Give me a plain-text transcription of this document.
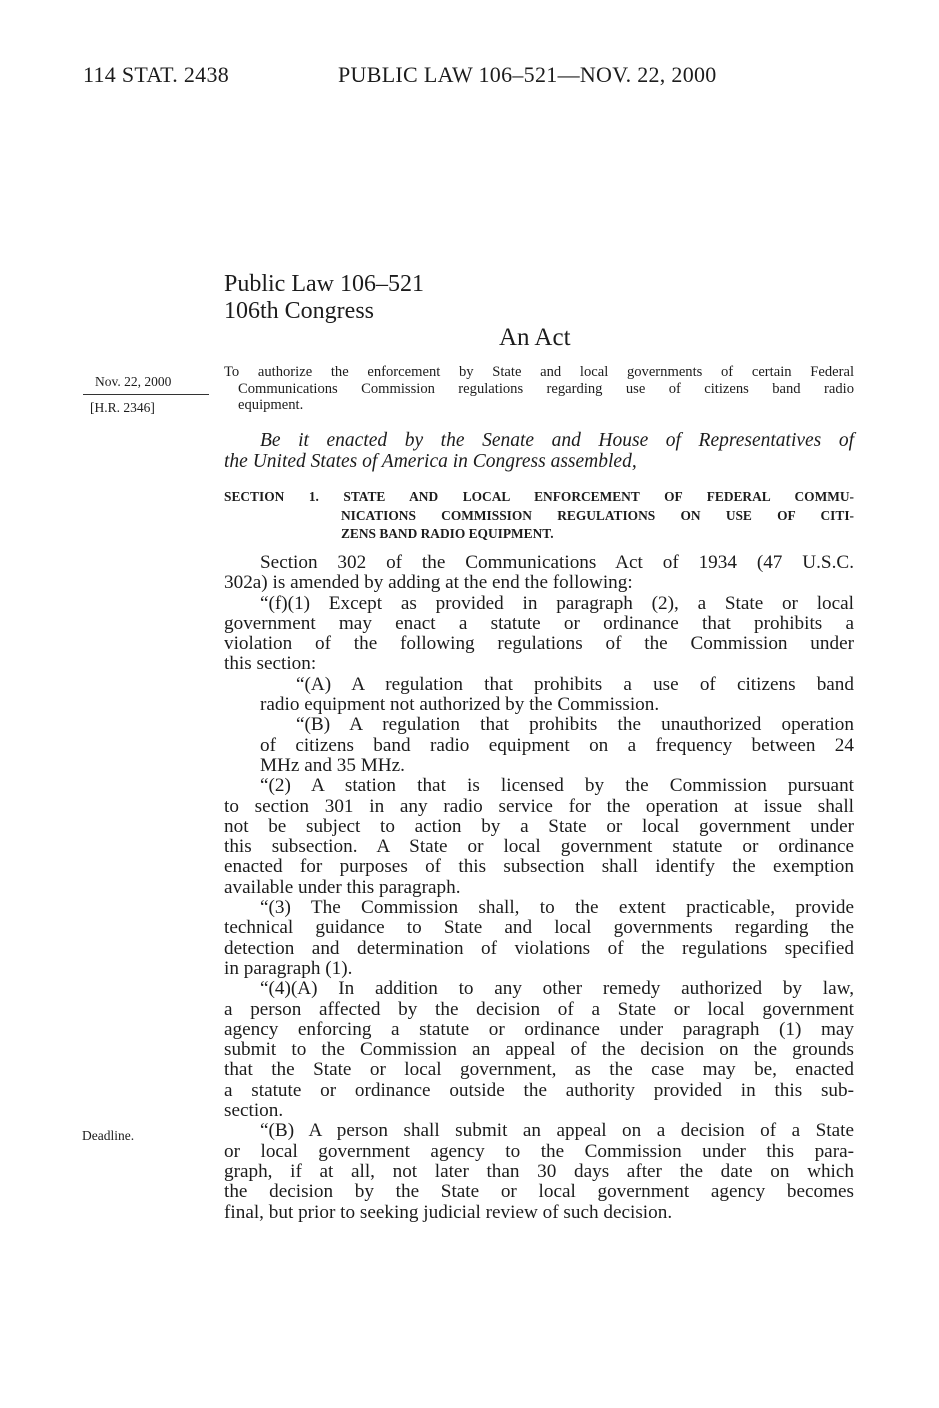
114 STAT. 2438	PUBLIC LAW 106–521—NOV. 22, 2000
Public Law 106–521
106th Congress
An Act
Nov. 22, 2000
[H.R. 2346]
Deadline.
To authorize the enforcement by State and local governments of certain Federal
Communications Commission regulations regarding use of citizens band radio
equipment.
Be it enacted by the Senate and House of Representatives of
the United States of America in Congress assembled,
SECTION 1. STATE AND LOCAL ENFORCEMENT OF FEDERAL COMMU-
NICATIONS COMMISSION REGULATIONS ON USE OF CITI-
ZENS BAND RADIO EQUIPMENT.
Section 302 of the Communications Act of 1934 (47 U.S.C.
302a) is amended by adding at the end the following:
“(f)(1) Except as provided in paragraph (2), a State or local
government may enact a statute or ordinance that prohibits a
violation of the following regulations of the Commission under
this section:
“(A) A regulation that prohibits a use of citizens band
radio equipment not authorized by the Commission.
“(B) A regulation that prohibits the unauthorized operation
of citizens band radio equipment on a frequency between 24
MHz and 35 MHz.
“(2) A station that is licensed by the Commission pursuant
to section 301 in any radio service for the operation at issue shall
not be subject to action by a State or local government under
this subsection. A State or local government statute or ordinance
enacted for purposes of this subsection shall identify the exemption
available under this paragraph.
“(3) The Commission shall, to the extent practicable, provide
technical guidance to State and local governments regarding the
detection and determination of violations of the regulations specified
in paragraph (1).
“(4)(A) In addition to any other remedy authorized by law,
a person affected by the decision of a State or local government
agency enforcing a statute or ordinance under paragraph (1) may
submit to the Commission an appeal of the decision on the grounds
that the State or local government, as the case may be, enacted
a statute or ordinance outside the authority provided in this sub-
section.
“(B) A person shall submit an appeal on a decision of a State
or local government agency to the Commission under this para-
graph, if at all, not later than 30 days after the date on which
the decision by the State or local government agency becomes
final, but prior to seeking judicial review of such decision.
